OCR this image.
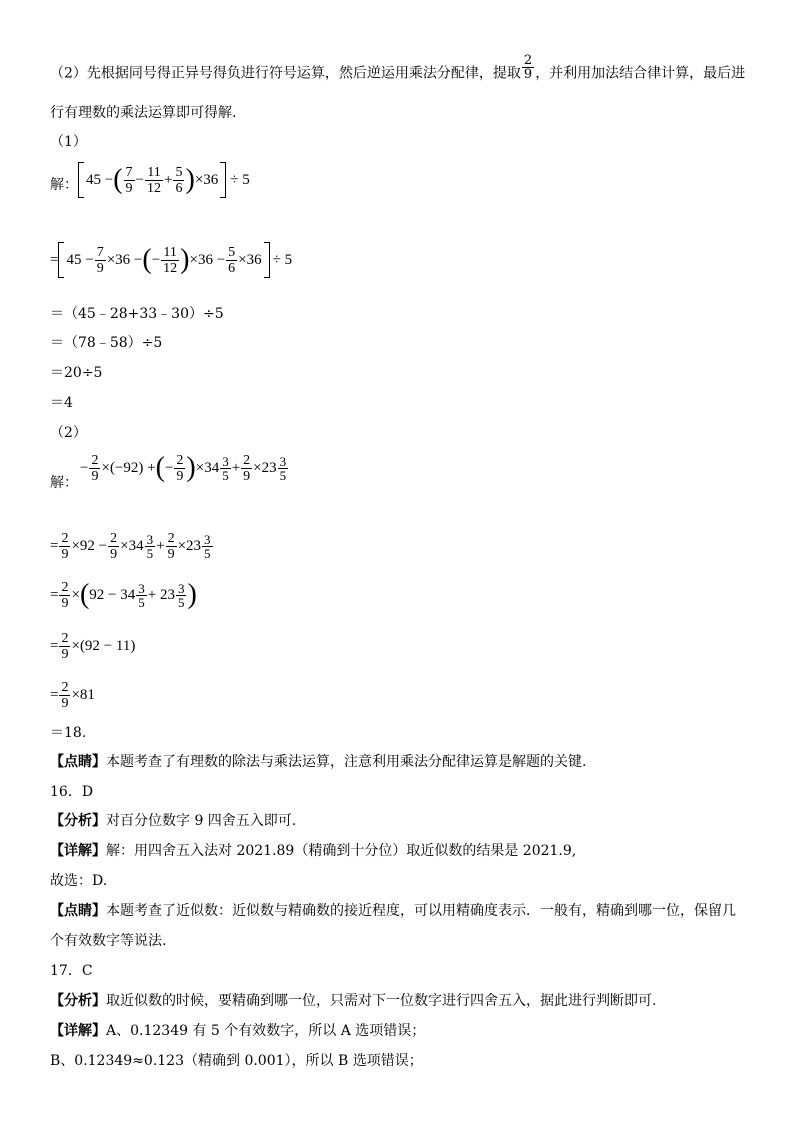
（2）先根据同号得正异号得负进行符号运算，然后逆运用乘法分配律，提取 $\frac{2}{9}$ ，并利用加法结合律计算，最后进
行有理数的乘法运算即可得解.
（1）
解： 45 − ( $\frac{7}{9} - \frac{11}{12} + \frac{5}{6}$ ) ×36 ÷ 5
= $45 - \frac{7}{9} \times 36$ − ( − $\frac{11}{12}$ ) $\times 36 - \frac{5}{6} \times 36 \div 5$
＝（45﹣28+33﹣30）÷5
＝（78﹣58）÷5
＝20÷5
＝4
（2）
解：
− $\frac{2}{9} \times (-92)$ + ( − $\frac{2}{9}$ ) $\times 34 \frac{3}{5} + \frac{2}{9} \times 23 \frac{3}{5}$
= $\frac{2}{9} \times 92 - \frac{2}{9} \times 34 \frac{3}{5} + \frac{2}{9} \times 23 \frac{3}{5}$
= $\frac{2}{9}$ × ( $92 - 34 \frac{3}{5} + 23 \frac{3}{5}$ )
= $\frac{2}{9} \times (92 - 11)$
= $\frac{2}{9} \times 81$
＝18.
【点睛】本题考查了有理数的除法与乘法运算，注意利用乘法分配律运算是解题的关键.
16．D
【分析】对百分位数字 9 四舍五入即可.
【详解】解：用四舍五入法对 2021.89（精确到十分位）取近似数的结果是 2021.9,
故选：D.
【点睛】本题考查了近似数：近似数与精确数的接近程度，可以用精确度表示．一般有，精确到哪一位，保留几
个有效数字等说法.
17．C
【分析】取近似数的时候，要精确到哪一位，只需对下一位数字进行四舍五入，据此进行判断即可.
【详解】A、0.12349 有 5 个有效数字，所以 A 选项错误；
B、0.12349≈0.123（精确到 0.001），所以 B 选项错误；
